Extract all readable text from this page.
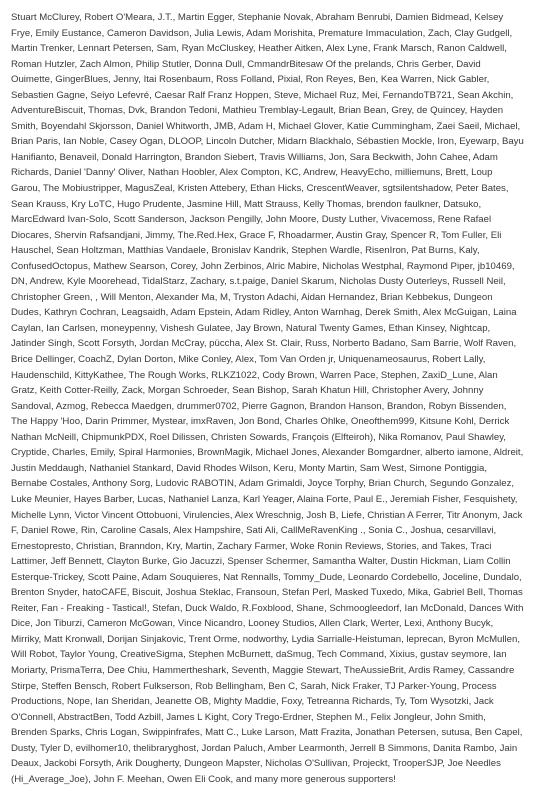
Stuart McClurey, Robert O'Meara, J.T., Martin Egger, Stephanie Novak, Abraham Benrubi, Damien Bidmead, Kelsey Frye, Emily Eustance, Cameron Davidson, Julia Lewis, Adam Morishita, Premature Immaculation, Zach, Clay Gudgell, Martin Trenker, Lennart Petersen, Sam, Ryan McCluskey, Heather Aitken, Alex Lyne, Frank Marsch, Ranon Caldwell, Roman Hutzler, Zach Almon, Philip Stutler, Donna Dull, CmmandrBitesaw Of the prelands, Chris Gerber, David Ouimette, GingerBlues, Jenny, Itai Rosenbaum, Ross Folland, Pixial, Ron Reyes, Ben, Kea Warren, Nick Gabler, Sebastien Gagne, Seiyo Lefevré, Caesar Ralf Franz Hoppen, Steve, Michael Ruz, Mei, FernandoTB721, Sean Akchin, AdventureBiscuit, Thomas, Dvk, Brandon Tedoni, Mathieu Tremblay-Legault, Brian Bean, Grey, de Quincey, Hayden Smith, Boyendahl Skjorsson, Daniel Whitworth, JMB, Adam H, Michael Glover, Katie Cummingham, Zaei Saeil, Michael, Brian Paris, Ian Noble, Casey Ogan, DLOOP, Lincoln Dutcher, Midarn Blackhalo, Sébastien Mockle, Iron, Eyewarp, Bayu Hanifianto, Benaveil, Donald Harrington, Brandon Siebert, Travis Williams, Jon, Sara Beckwith, John Cahee, Adam Richards, Daniel 'Danny' Oliver, Nathan Hoobler, Alex Compton, KC, Andrew, HeavyEcho, milliemuns, Brett, Loup Garou, The Mobiustripper, MagusZeal, Kristen Attebery, Ethan Hicks, CrescentWeaver, sgtsilentshadow, Peter Bates, Sean Krauss, Kry LoTC, Hugo Prudente, Jasmine Hill, Matt Strauss, Kelly Thomas, brendon faulkner, Datsuko, MarcEdward Ivan-Solo, Scott Sanderson, Jackson Pengilly, John Moore, Dusty Luther, Vivacemoss, Rene Rafael Diocares, Shervin Rafsandjani, Jimmy, The.Red.Hex, Grace F, Rhoadarmer, Austin Gray, Spencer R, Tom Fuller, Eli Hauschel, Sean Holtzman, Matthias Vandaele, Bronislav Kandrik, Stephen Wardle, RisenIron, Pat Burns, Kaly, ConfusedOctopus, Mathew Searson, Corey, John Zerbinos, Alric Mabire, Nicholas Westphal, Raymond Piper, jb10469, DN, Andrew, Kyle Moorehead, TidalStarz, Zachary, s.t.paige, Daniel Skarum, Nicholas Dusty Outerleys, Russell Neil, Christopher Green, , Will Menton, Alexander Ma, M, Tryston Adachi, Aidan Hernandez, Brian Kebbekus, Dungeon Dudes, Kathryn Cochran, Leagsaidh, Adam Epstein, Adam Ridley, Anton Warnhag, Derek Smith, Alex McGuigan, Laina Caylan, Ian Carlsen, moneypenny, Vishesh Gulatee, Jay Brown, Natural Twenty Games, Ethan Kinsey, Nightcap, Jatinder Singh, Scott Forsyth, Jordan McCray, püccha, Alex St. Clair, Russ, Norberto Badano, Sam Barrie, Wolf Raven, Brice Dellinger, CoachZ, Dylan Dorton, Mike Conley, Alex, Tom Van Orden jr, Uniquenameosaurus, Robert Lally, Haudenschild, KittyKathee, The Rough Works, RLKZ1022, Cody Brown, Warren Pace, Stephen, ZaxiD_Lune, Alan Gratz, Keith Cotter-Reilly, Zack, Morgan Schroeder, Sean Bishop, Sarah Khatun Hill, Christopher Avery, Johnny Sandoval, Azmog, Rebecca Maedgen, drummer0702, Pierre Gagnon, Brandon Hanson, Brandon, Robyn Bissenden, The Happy 'Hoo, Darin Primmer, Mystear, imxRaven, Jon Bond, Charles Ohlke, Oneofthem999, Kitsune Kohl, Derrick Nathan McNeill, ChipmunkPDX, Roel Dilissen, Christen Sowards, François (Elfteiroh), Nika Romanov, Paul Shawley, Cryptide, Charles, Emily, Spiral Harmonies, BrownMagik, Michael Jones, Alexander Bomgardner, alberto iamone, Aldreit, Justin Meddaugh, Nathaniel Stankard, David Rhodes Wilson, Keru, Monty Martin, Sam West, Simone Pontiggia, Bernabe Costales, Anthony Sorg, Ludovic RABOTIN, Adam Grimaldi, Joyce Torphy, Brian Church, Segundo Gonzalez, Luke Meunier, Hayes Barber, Lucas, Nathaniel Lanza, Karl Yeager, Alaina Forte, Paul E., Jeremiah Fisher, Fesquishety, Michelle Lynn, Victor Vincent Ottobuoni, Virulencies, Alex Wreschnig, Josh B, Liefe, Christian A Ferrer, Titr Anonym, Jack F, Daniel Rowe, Rin, Caroline Casals, Alex Hampshire, Sati Ali, CallMeRavenKing ., Sonia C., Joshua, cesarvillavi, Ernestopresto, Christian, Branndon, Kry, Martin, Zachary Farmer, Woke Ronin Reviews, Stories, and Takes, Traci Lattimer, Jeff Bennett, Clayton Burke, Gio Jacuzzi, Spenser Schermer, Samantha Walter, Dustin Hickman, Liam Collin Esterque-Trickey, Scott Paine, Adam Souquieres, Nat Rennalls, Tommy_Dude, Leonardo Cordebello, Joceline, Dundalo, Brenton Snyder, hatoCAFE, Biscuit, Joshua Steklac, Fransoun, Stefan Perl, Masked Tuxedo, Mika, Gabriel Bell, Thomas Reiter, Fan - Freaking - Tastical!, Stefan, Duck Waldo, R.Foxblood, Shane, Schmoogleedorf, Ian McDonald, Dances With Dice, Jon Tiburzi, Cameron McGowan, Vince Nicandro, Looney Studios, Allen Clark, Werter, Lexi, Anthony Bucyk, Mirriky, Matt Kronwall, Dorijan Sinjakovic, Trent Orme, nodworthy, Lydia Sarrialle-Heistuman, leprecan, Byron McMullen, Will Robot, Taylor Young, CreativeSigma, Stephen McBurnett, daSmug, Tech Command, Xixius, gustav seymore, Ian Moriarty, PrismaTerra, Dee Chiu, Hammertheshark, Seventh, Maggie Stewart, TheAussieBrit, Ardis Ramey, Cassandre Stirpe, Steffen Bensch, Robert Fulkserson, Rob Bellingham, Ben C, Sarah, Nick Fraker, TJ Parker-Young, Process Productions, Nope, Ian Sheridan, Jeanette OB, Mighty Maddie, Foxy, Tetreanna Richards, Ty, Tom Wysotzki, Jack O'Connell, AbstractBen, Todd Azbill, James L Kight, Cory Trego-Erdner, Stephen M., Felix Jongleur, John Smith, Brenden Sparks, Chris Logan, Swippinfrafes, Matt C., Luke Larson, Matt Frazita, Jonathan Petersen, sutusa, Ben Capel, Dusty, Tyler D, evilhomer10, thelibraryghost, Jordan Paluch, Amber Learmonth, Jerrell B Simmons, Danita Rambo, Jain Deaux, Jackobi Forsyth, Arik Dougherty, Dungeon Mapster, Nicholas O'Sullivan, Projeckt, TrooperSJP, Joe Needles (Hi_Average_Joe), John F. Meehan, Owen Eli Cook, and many more generous supporters!
